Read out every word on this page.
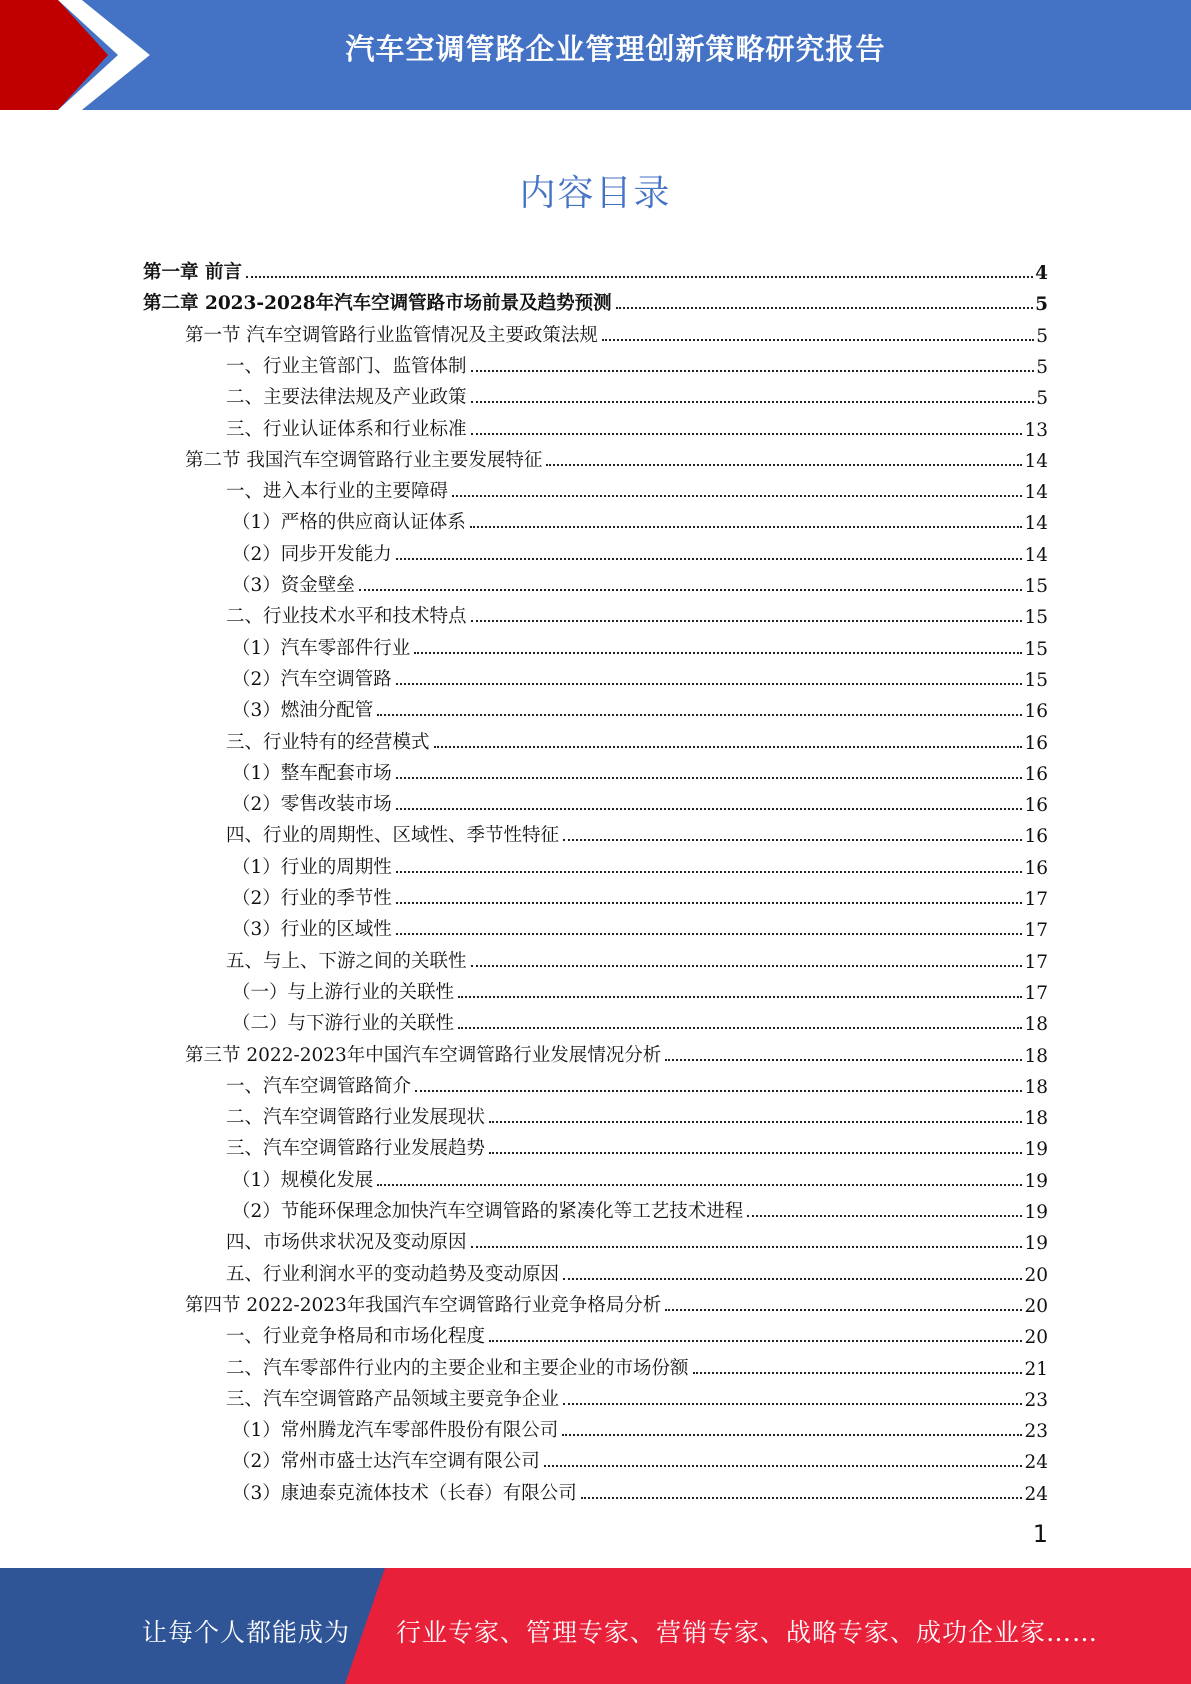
汽车空调管路企业管理创新策略研究报告
内容目录
第一章 前言	4
第二章 2023-2028年汽车空调管路市场前景及趋势预测	5
第一节 汽车空调管路行业监管情况及主要政策法规	5
一、行业主管部门、监管体制	5
二、主要法律法规及产业政策	5
三、行业认证体系和行业标准	13
第二节 我国汽车空调管路行业主要发展特征	14
一、进入本行业的主要障碍	14
（1）严格的供应商认证体系	14
（2）同步开发能力	14
（3）资金壁垒	15
二、行业技术水平和技术特点	15
（1）汽车零部件行业	15
（2）汽车空调管路	15
（3）燃油分配管	16
三、行业特有的经营模式	16
（1）整车配套市场	16
（2）零售改装市场	16
四、行业的周期性、区域性、季节性特征	16
（1）行业的周期性	16
（2）行业的季节性	17
（3）行业的区域性	17
五、与上、下游之间的关联性	17
（一）与上游行业的关联性	17
（二）与下游行业的关联性	18
第三节 2022-2023年中国汽车空调管路行业发展情况分析	18
一、汽车空调管路简介	18
二、汽车空调管路行业发展现状	18
三、汽车空调管路行业发展趋势	19
（1）规模化发展	19
（2）节能环保理念加快汽车空调管路的紧凑化等工艺技术进程	19
四、市场供求状况及变动原因	19
五、行业利润水平的变动趋势及变动原因	20
第四节 2022-2023年我国汽车空调管路行业竞争格局分析	20
一、行业竞争格局和市场化程度	20
二、汽车零部件行业内的主要企业和主要企业的市场份额	21
三、汽车空调管路产品领域主要竞争企业	23
（1）常州腾龙汽车零部件股份有限公司	23
（2）常州市盛士达汽车空调有限公司	24
（3）康迪泰克流体技术（长春）有限公司	24
1
让每个人都能成为 行业专家、管理专家、营销专家、战略专家、成功企业家……
